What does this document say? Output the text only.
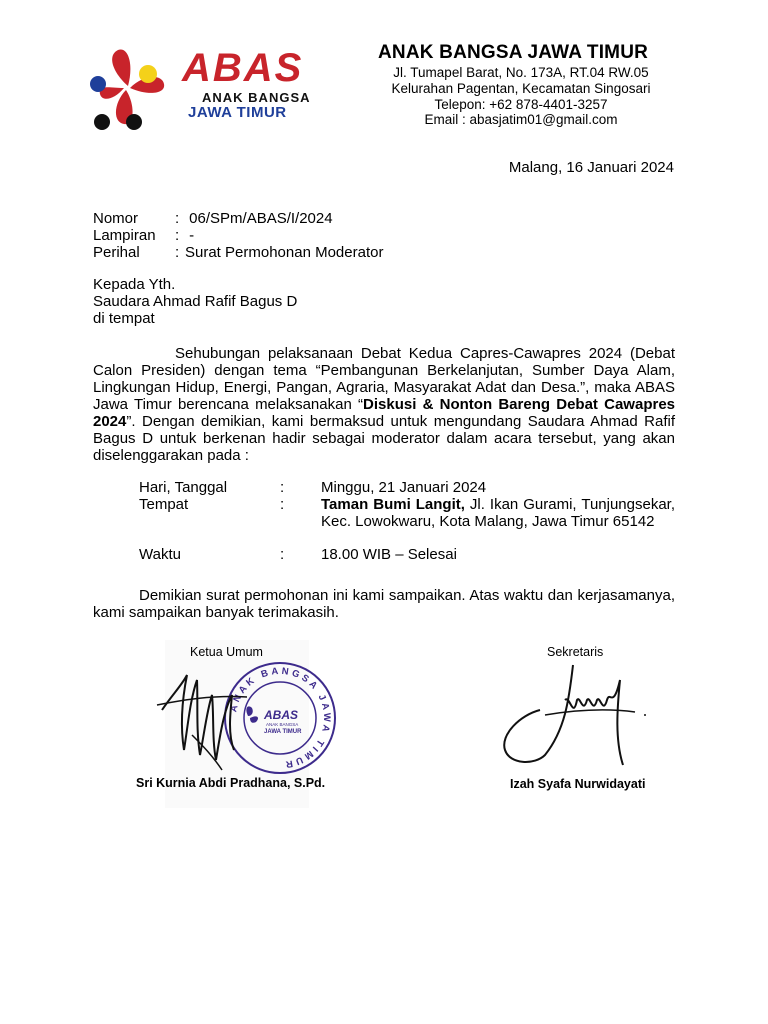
ABAS
ANAK BANGSA
JAWA TIMUR
ANAK BANGSA JAWA TIMUR
Jl. Tumapel Barat, No. 173A, RT.04 RW.05
Kelurahan Pagentan, Kecamatan Singosari
Telepon: +62 878-4401-3257
Email : abasjatim01@gmail.com
Malang, 16 Januari 2024
Nomor : 06/SPm/ABAS/I/2024
Lampiran : -
Perihal : Surat Permohonan Moderator
Kepada Yth.
Saudara Ahmad Rafif Bagus D
di tempat
Sehubungan pelaksanaan Debat Kedua Capres-Cawapres 2024 (Debat Calon Presiden) dengan tema “Pembangunan Berkelanjutan, Sumber Daya Alam, Lingkungan Hidup, Energi, Pangan, Agraria, Masyarakat Adat dan Desa.”, maka ABAS Jawa Timur berencana melaksanakan “Diskusi & Nonton Bareng Debat Cawapres 2024”. Dengan demikian, kami bermaksud untuk mengundang Saudara Ahmad Rafif Bagus D untuk berkenan hadir sebagai moderator dalam acara tersebut, yang akan diselenggarakan pada :
Hari, Tanggal	: Minggu, 21 Januari 2024
Tempat	: Taman Bumi Langit, Jl. Ikan Gurami, Tunjungsekar, Kec. Lowokwaru, Kota Malang, Jawa Timur 65142
Waktu	: 18.00 WIB – Selesai
Demikian surat permohonan ini kami sampaikan. Atas waktu dan kerjasamanya, kami sampaikan banyak terimakasih.
Ketua Umum
ANAK BANGSA JAWA TIMUR
ABAS
ANAK BANGSA
JAWA TIMUR
Sri Kurnia Abdi Pradhana, S.Pd.
Sekretaris
Izah Syafa Nurwidayati
